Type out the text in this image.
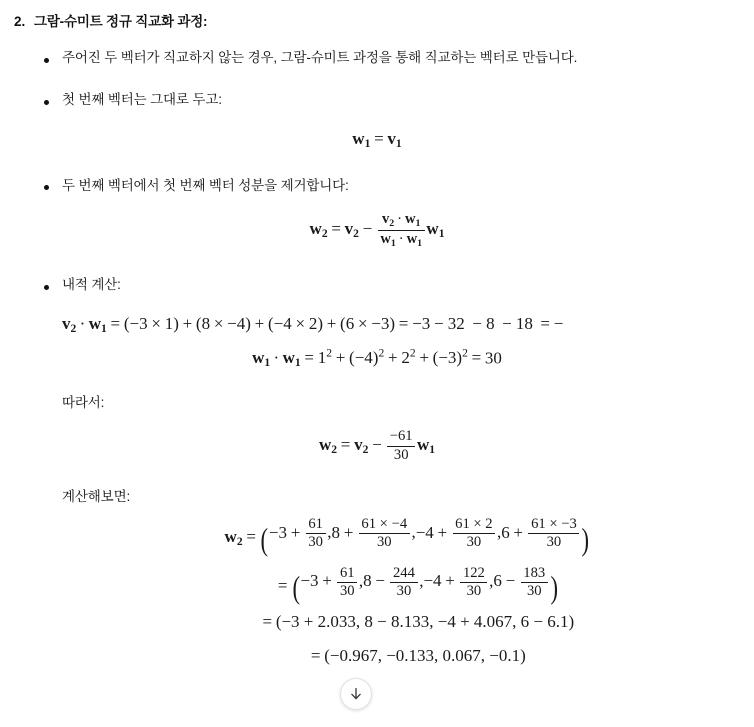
2. 그람-슈미트 정규 직교화 과정:
주어진 두 벡터가 직교하지 않는 경우, 그람-슈미트 과정을 통해 직교하는 벡터로 만듭니다.
첫 번째 벡터는 그대로 두고:
$w_1 = v_1$
두 번째 벡터에서 첫 번째 벡터 성분을 제거합니다:
$w_2 = v_2 - \frac{v_2 \cdot w_1}{w_1 \cdot w_1} w_1$
내적 계산:
$v_2 \cdot w_1 = (-3 \times 1) + (8 \times -4) + (-4 \times 2) + (6 \times -3) = -3 - 32 - 8 - 18$ = −
$w_1 \cdot w_1 = 1^2 + (-4)^2 + 2^2 + (-3)^2 = 30$
따라서:
$w_2 = v_2 - \frac{-61}{30} w_1$
계산해보면:
$w_2 = (-3 + \frac{61}{30} ,8 + \frac{61 \times -4}{30} ,-4 + \frac{61 \times 2}{30} ,6 + \frac{61 \times -3}{30}$ )
= ($-3 + \frac{61}{30} ,8 - \frac{244}{30} ,-4 + \frac{122}{30} ,6 - \frac{183}{30}$ )
= (−3 + 2.033, 8 − 8.133, −4 + 4.067, 6 − 6.1)
= (−0.967, −0.133, 0.067, −0.1)
